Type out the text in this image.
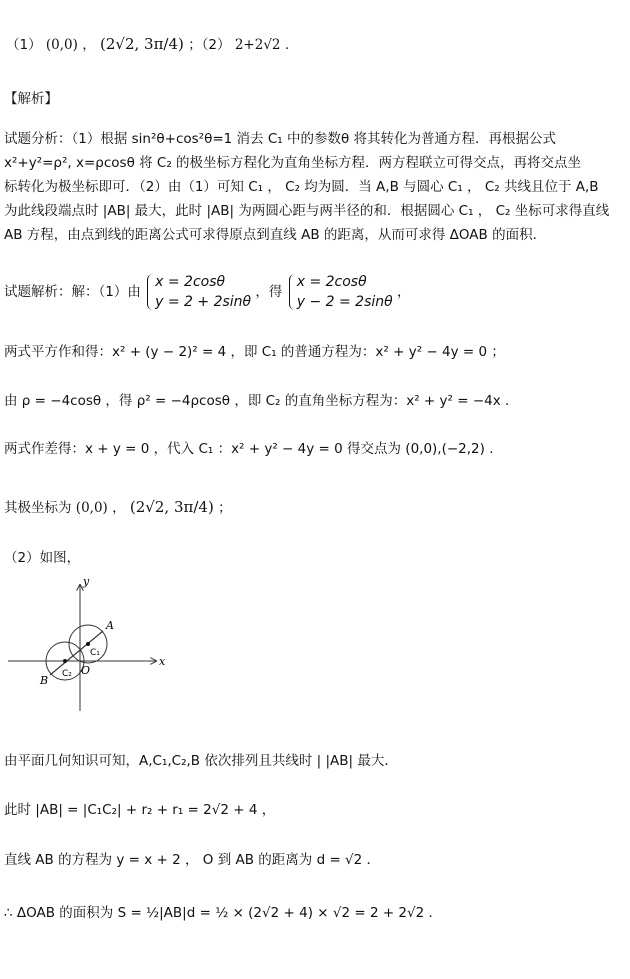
（1） (0,0) ， (2√2, 3π/4) ；（2） 2+2√2 .
【解析】
试题分析：（1）根据 sin²θ+cos²θ=1 消去 C₁ 中的参数θ 将其转化为普通方程．再根据公式
x²+y²=ρ², x=ρcosθ 将 C₂ 的极坐标方程化为直角坐标方程．两方程联立可得交点，再将交点坐
标转化为极坐标即可．（2）由（1）可知 C₁ ， C₂ 均为圆．当 A,B 与圆心 C₁ ， C₂ 共线且位于 A,B
为此线段端点时 |AB| 最大，此时 |AB| 为两圆心距与两半径的和．根据圆心 C₁ ， C₂ 坐标可求得直线
AB 方程，由点到线的距离公式可求得原点到直线 AB 的距离，从而可求得 ΔOAB 的面积．
试题解析：解：（1）由
x = 2cosθ
y = 2 + 2sinθ
，得
x = 2cosθ
y − 2 = 2sinθ
，
两式平方作和得：x² + (y − 2)² = 4 ，即 C₁ 的普通方程为：x² + y² − 4y = 0 ；
由 ρ = −4cosθ ，得 ρ² = −4ρcosθ ，即 C₂ 的直角坐标方程为：x² + y² = −4x ．
两式作差得：x + y = 0 ，代入 C₁ ：x² + y² − 4y = 0 得交点为 (0,0),(−2,2) ．
其极坐标为 (0,0) ， (2√2, 3π/4) ；
（2）如图，
x
y
A
B
O
C₁
C₂
由平面几何知识可知，A,C₁,C₂,B 依次排列且共线时 | |AB| 最大．
此时 |AB| = |C₁C₂| + r₂ + r₁ = 2√2 + 4 ，
直线 AB 的方程为 y = x + 2 ， O 到 AB 的距离为 d = √2 ．
∴ ΔOAB 的面积为 S = ½|AB|d = ½ × (2√2 + 4) × √2 = 2 + 2√2 ．
